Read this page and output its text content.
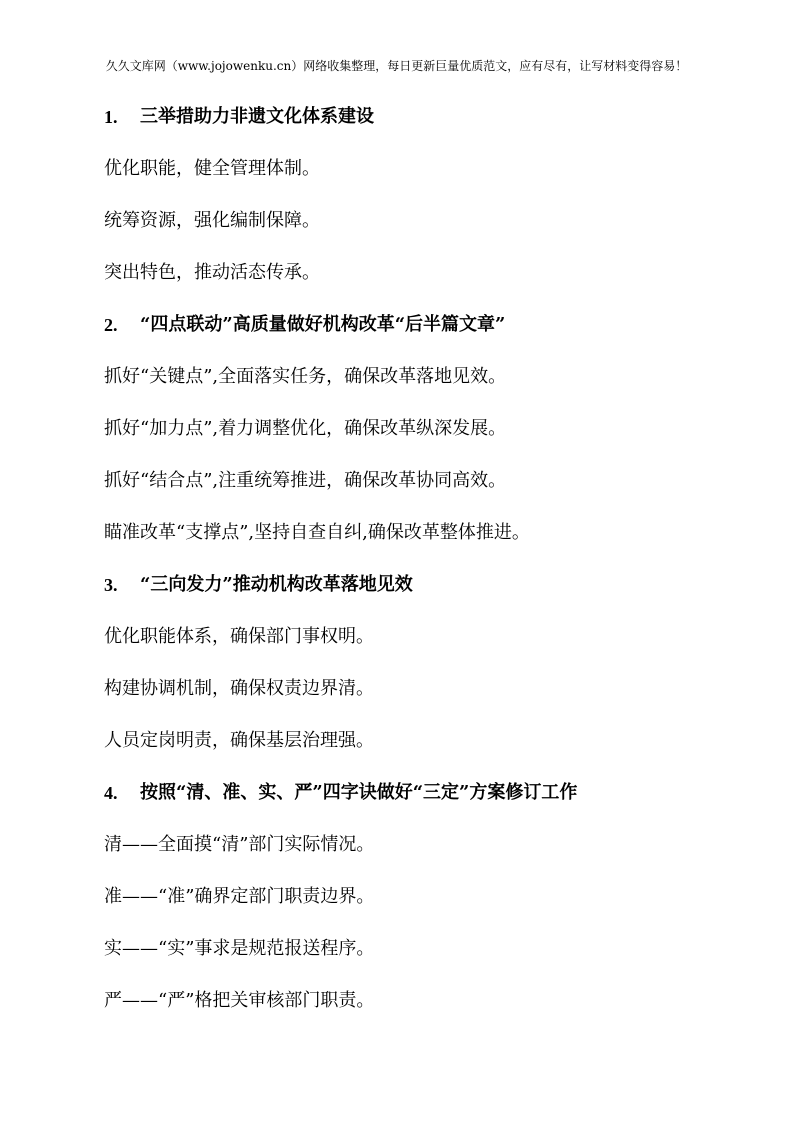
久久文库网（www.jojowenku.cn）网络收集整理，每日更新巨量优质范文，应有尽有，让写材料变得容易！
1.	三举措助力非遗文化体系建设
优化职能，健全管理体制。
统筹资源，强化编制保障。
突出特色，推动活态传承。
2.	“四点联动”高质量做好机构改革“后半篇文章”
抓好“关键点”,全面落实任务，确保改革落地见效。
抓好“加力点”,着力调整优化，确保改革纵深发展。
抓好“结合点”,注重统筹推进，确保改革协同高效。
瞄准改革“支撑点”,坚持自查自纠,确保改革整体推进。
3.	“三向发力”推动机构改革落地见效
优化职能体系，确保部门事权明。
构建协调机制，确保权责边界清。
人员定岗明责，确保基层治理强。
4.	按照“清、准、实、严”四字诀做好“三定”方案修订工作
清——全面摸“清”部门实际情况。
准——“准”确界定部门职责边界。
实——“实”事求是规范报送程序。
严——“严”格把关审核部门职责。
